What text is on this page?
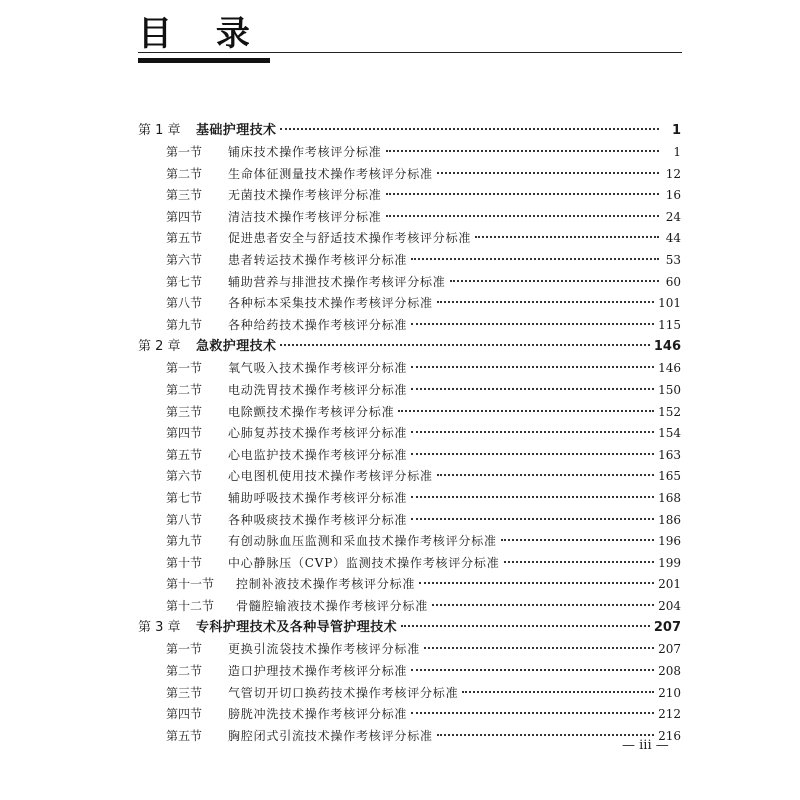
目 录
第 1 章	基础护理技术	1
第一节	铺床技术操作考核评分标准	1
第二节	生命体征测量技术操作考核评分标准	12
第三节	无菌技术操作考核评分标准	16
第四节	清洁技术操作考核评分标准	24
第五节	促进患者安全与舒适技术操作考核评分标准	44
第六节	患者转运技术操作考核评分标准	53
第七节	辅助营养与排泄技术操作考核评分标准	60
第八节	各种标本采集技术操作考核评分标准	101
第九节	各种给药技术操作考核评分标准	115
第 2 章	急救护理技术	146
第一节	氧气吸入技术操作考核评分标准	146
第二节	电动洗胃技术操作考核评分标准	150
第三节	电除颤技术操作考核评分标准	152
第四节	心肺复苏技术操作考核评分标准	154
第五节	心电监护技术操作考核评分标准	163
第六节	心电图机使用技术操作考核评分标准	165
第七节	辅助呼吸技术操作考核评分标准	168
第八节	各种吸痰技术操作考核评分标准	186
第九节	有创动脉血压监测和采血技术操作考核评分标准	196
第十节	中心静脉压（CVP）监测技术操作考核评分标准	199
第十一节	控制补液技术操作考核评分标准	201
第十二节	骨髓腔输液技术操作考核评分标准	204
第 3 章	专科护理技术及各种导管护理技术	207
第一节	更换引流袋技术操作考核评分标准	207
第二节	造口护理技术操作考核评分标准	208
第三节	气管切开切口换药技术操作考核评分标准	210
第四节	膀胱冲洗技术操作考核评分标准	212
第五节	胸腔闭式引流技术操作考核评分标准	216
— iii —
